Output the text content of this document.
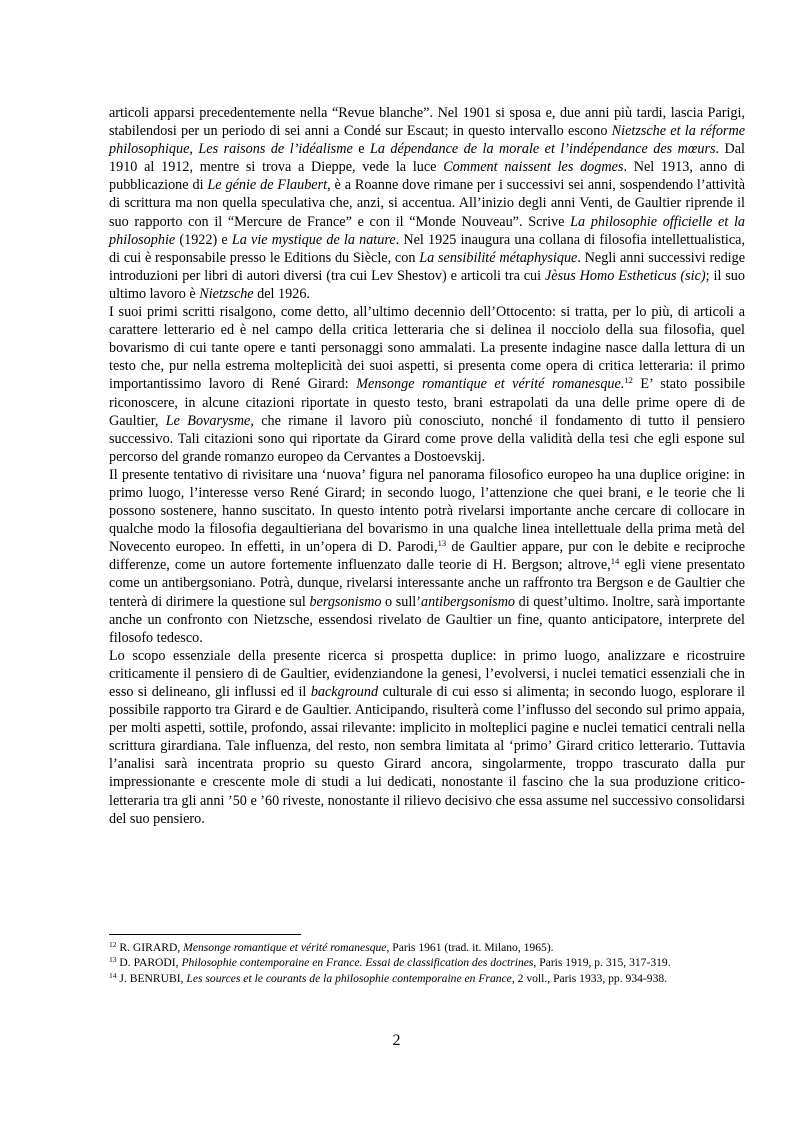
articoli apparsi precedentemente nella “Revue blanche”. Nel 1901 si sposa e, due anni più tardi, lascia Parigi, stabilendosi per un periodo di sei anni a Condé sur Escaut; in questo intervallo escono Nietzsche et la réforme philosophique, Les raisons de l’idéalisme e La dépendance de la morale et l’indépendance des mœurs. Dal 1910 al 1912, mentre si trova a Dieppe, vede la luce Comment naissent les dogmes. Nel 1913, anno di pubblicazione di Le génie de Flaubert, è a Roanne dove rimane per i successivi sei anni, sospendendo l’attività di scrittura ma non quella speculativa che, anzi, si accentua. All’inizio degli anni Venti, de Gaultier riprende il suo rapporto con il “Mercure de France” e con il “Monde Nouveau”. Scrive La philosophie officielle et la philosophie (1922) e La vie mystique de la nature. Nel 1925 inaugura una collana di filosofia intellettualistica, di cui è responsabile presso le Editions du Siècle, con La sensibilité métaphysique. Negli anni successivi redige introduzioni per libri di autori diversi (tra cui Lev Shestov) e articoli tra cui Jèsus Homo Estheticus (sic); il suo ultimo lavoro è Nietzsche del 1926.

I suoi primi scritti risalgono, come detto, all’ultimo decennio dell’Ottocento: si tratta, per lo più, di articoli a carattere letterario ed è nel campo della critica letteraria che si delinea il nocciolo della sua filosofia, quel bovarismo di cui tante opere e tanti personaggi sono ammalati. La presente indagine nasce dalla lettura di un testo che, pur nella estrema molteplicità dei suoi aspetti, si presenta come opera di critica letteraria: il primo importantissimo lavoro di René Girard: Mensonge romantique et vérité romanesque.$^{12}$ E’ stato possibile riconoscere, in alcune citazioni riportate in questo testo, brani estrapolati da una delle prime opere di de Gaultier, Le Bovarysme, che rimane il lavoro più conosciuto, nonché il fondamento di tutto il pensiero successivo. Tali citazioni sono qui riportate da Girard come prove della validità della tesi che egli espone sul percorso del grande romanzo europeo da Cervantes a Dostoevskij.

Il presente tentativo di rivisitare una ‘nuova’ figura nel panorama filosofico europeo ha una duplice origine: in primo luogo, l’interesse verso René Girard; in secondo luogo, l’attenzione che quei brani, e le teorie che li possono sostenere, hanno suscitato. In questo intento potrà rivelarsi importante anche cercare di collocare in qualche modo la filosofia degaultieriana del bovarismo in una qualche linea intellettuale della prima metà del Novecento europeo. In effetti, in un’opera di D. Parodi,$^{13}$ de Gaultier appare, pur con le debite e reciproche differenze, come un autore fortemente influenzato dalle teorie di H. Bergson; altrove,$^{14}$ egli viene presentato come un antibergsoniano. Potrà, dunque, rivelarsi interessante anche un raffronto tra Bergson e de Gaultier che tenterà di dirimere la questione sul bergsonismo o sull’antibergsonismo di quest’ultimo. Inoltre, sarà importante anche un confronto con Nietzsche, essendosi rivelato de Gaultier un fine, quanto anticipatore, interprete del filosofo tedesco.

Lo scopo essenziale della presente ricerca si prospetta duplice: in primo luogo, analizzare e ricostruire criticamente il pensiero di de Gaultier, evidenziandone la genesi, l’evolversi, i nuclei tematici essenziali che in esso si delineano, gli influssi ed il background culturale di cui esso si alimenta; in secondo luogo, esplorare il possibile rapporto tra Girard e de Gaultier. Anticipando, risulterà come l’influsso del secondo sul primo appaia, per molti aspetti, sottile, profondo, assai rilevante: implicito in molteplici pagine e nuclei tematici centrali nella scrittura girardiana. Tale influenza, del resto, non sembra limitata al ‘primo’ Girard critico letterario. Tuttavia l’analisi sarà incentrata proprio su questo Girard ancora, singolarmente, troppo trascurato dalla pur impressionante e crescente mole di studi a lui dedicati, nonostante il fascino che la sua produzione critico-letteraria tra gli anni ’50 e ’60 riveste, nonostante il rilievo decisivo che essa assume nel successivo consolidarsi del suo pensiero.

$^{12}$ R. GIRARD, Mensonge romantique et vérité romanesque, Paris 1961 (trad. it. Milano, 1965).
$^{13}$ D. PARODI, Philosophie contemporaine en France. Essai de classification des doctrines, Paris 1919, p. 315, 317-319.
$^{14}$ J. BENRUBI, Les sources et le courants de la philosophie contemporaine en France, 2 voll., Paris 1933, pp. 934-938.
2
